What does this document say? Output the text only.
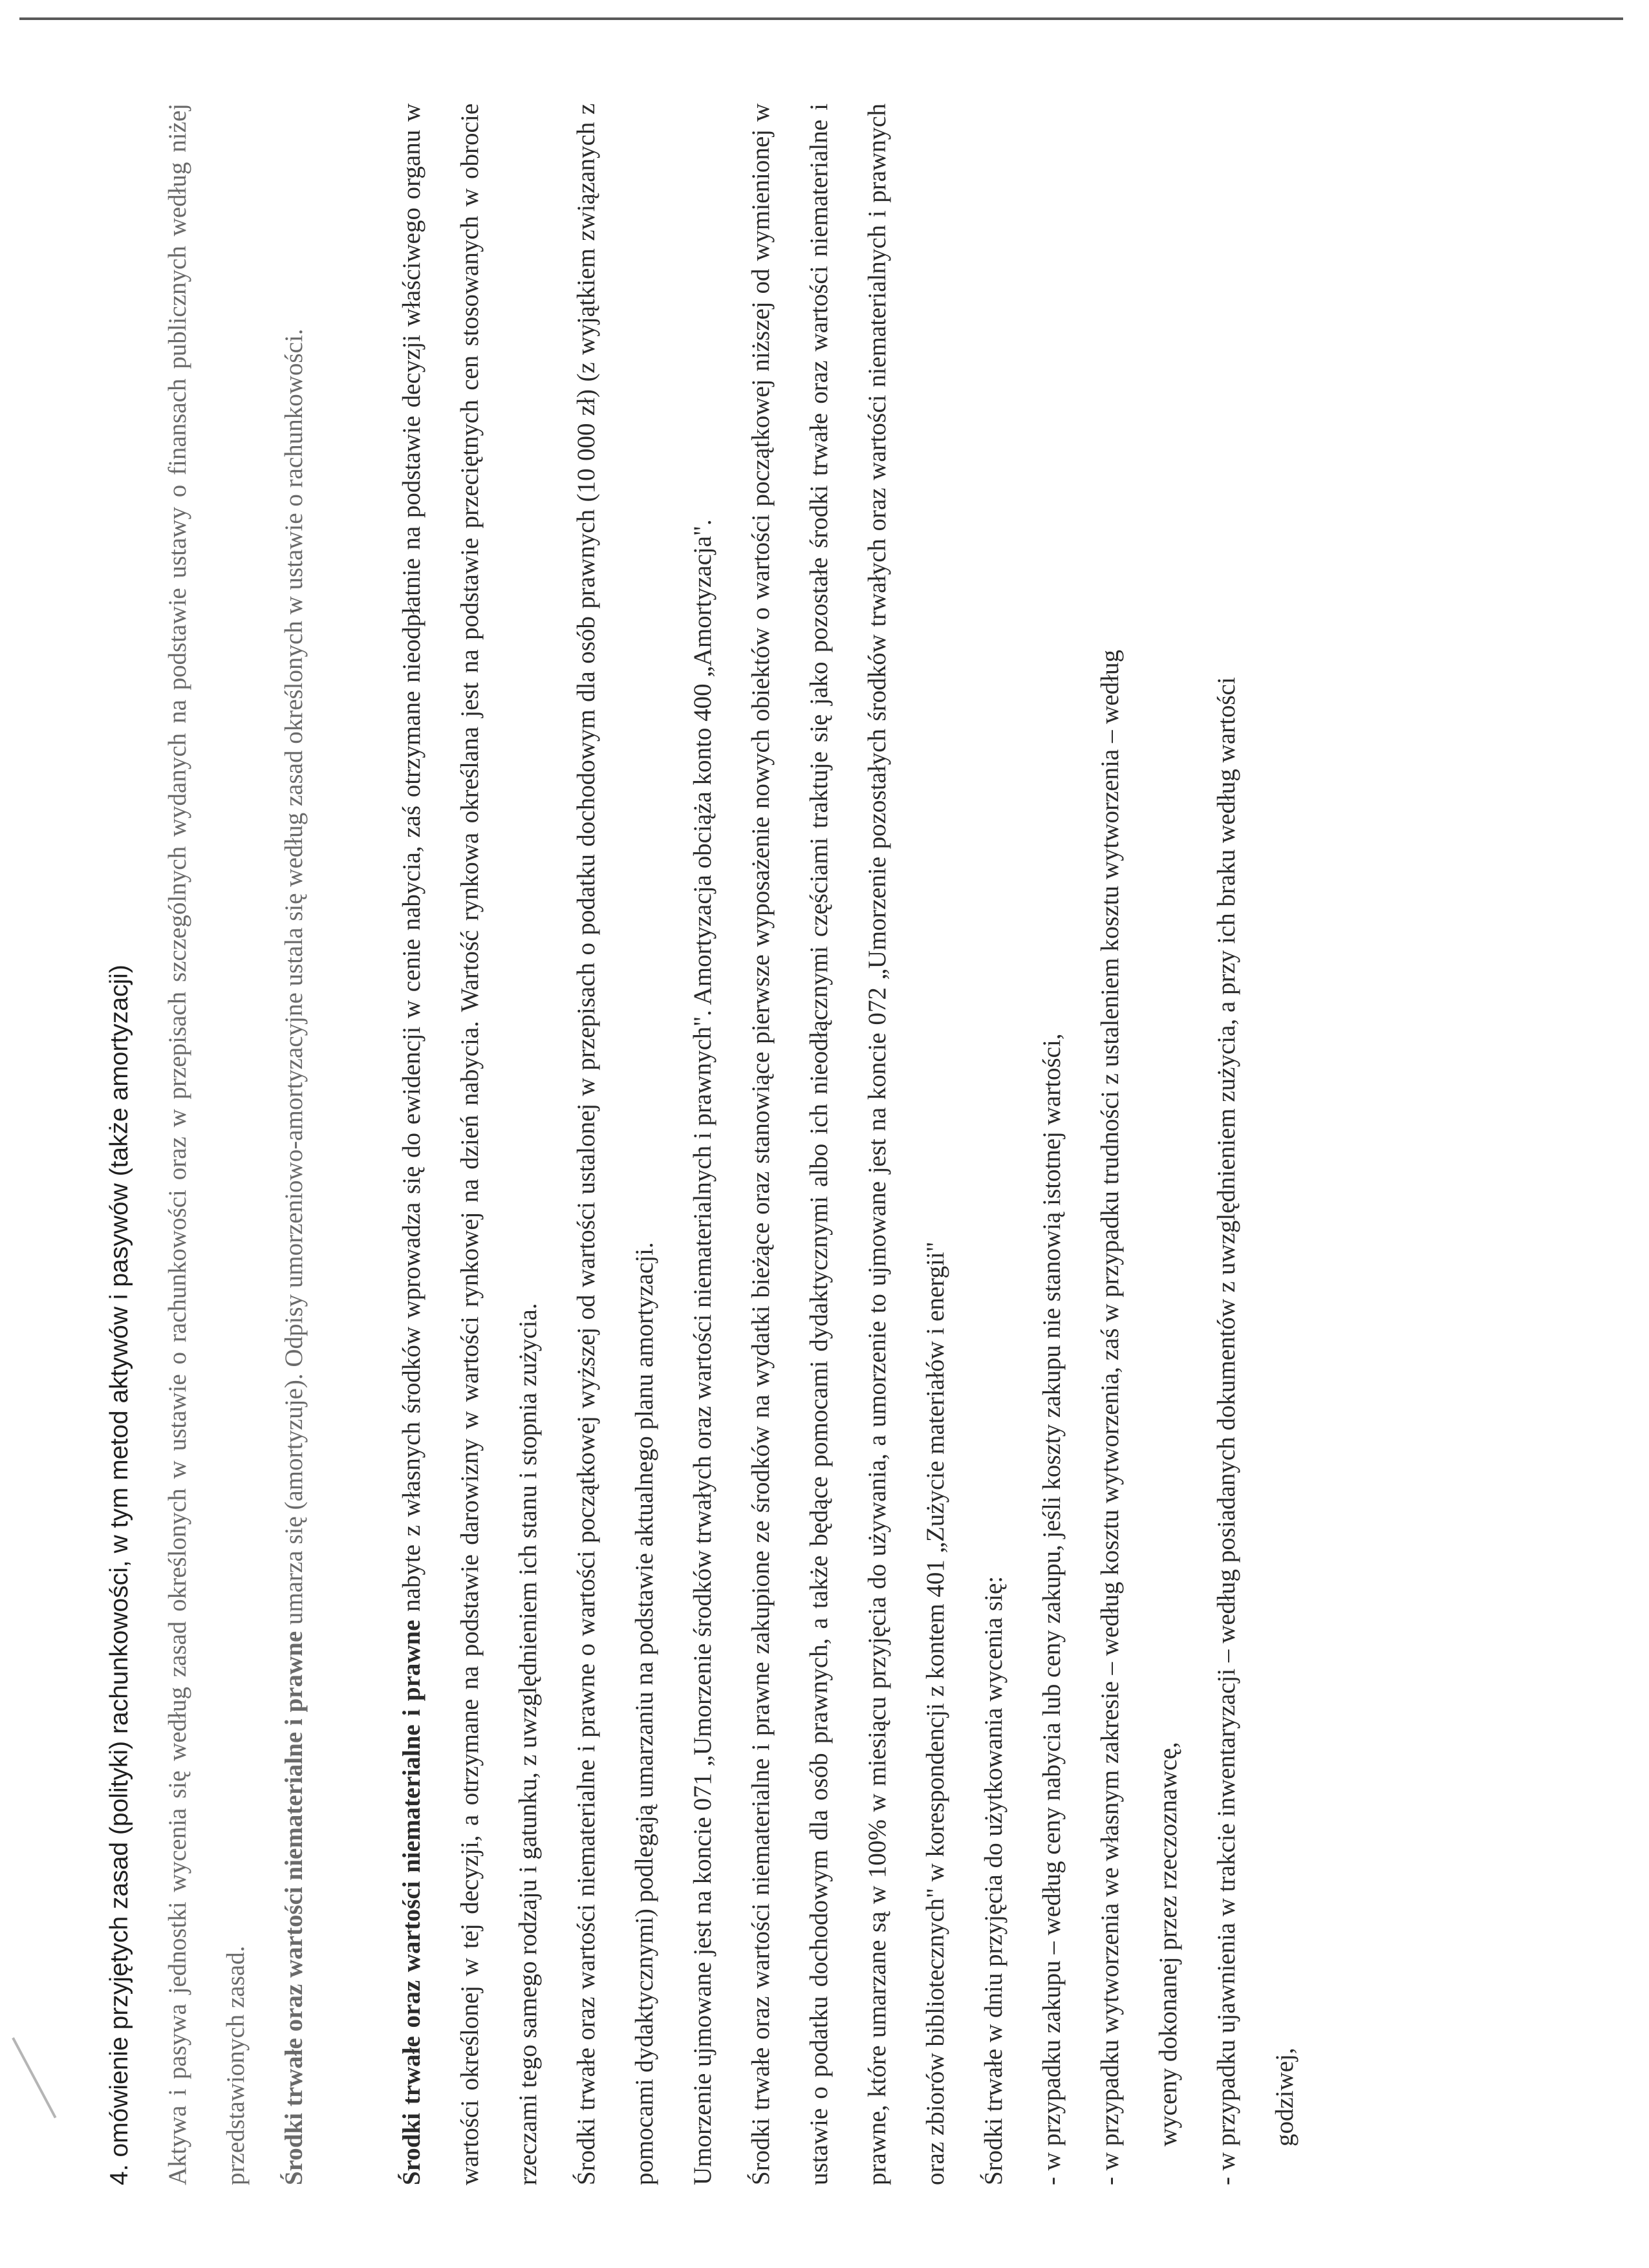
4. omówienie przyjętych zasad (polityki) rachunkowości, w tym metod aktywów i pasywów (także amortyzacji)	Aktywa i pasywa jednostki wycenia się według zasad określonych w ustawie o rachunkowości oraz w przepisach szczególnych wydanych na podstawie ustawy o finansach publicznych według niżej przedstawionych zasad.	Środki trwałe oraz wartości niematerialne i prawne umarza się (amortyzuje). Odpisy umorzeniowo-amortyzacyjne ustala się według zasad określonych w ustawie o rachunkowości.

Środki trwałe oraz wartości niematerialne i prawne nabyte z własnych środków wprowadza się do ewidencji w cenie nabycia, zaś otrzymane nieodpłatnie na podstawie decyzji właściwego organu w wartości określonej w tej decyzji, a otrzymane na podstawie darowizny w wartości rynkowej na dzień nabycia. Wartość rynkowa określana jest na podstawie przeciętnych cen stosowanych w obrocie rzeczami tego samego rodzaju i gatunku, z uwzględnieniem ich stanu i stopnia zużycia.	Środki trwałe oraz wartości niematerialne i prawne o wartości początkowej wyższej od wartości ustalonej w przepisach o podatku dochodowym dla osób prawnych (10 000 zł) (z wyjątkiem związanych z pomocami dydaktycznymi) podlegają umarzaniu na podstawie aktualnego planu amortyzacji.	Umorzenie ujmowane jest na koncie 071 „Umorzenie środków trwałych oraz wartości niematerialnych i prawnych". Amortyzacja obciąża konto 400 „Amortyzacja".	Środki trwałe oraz wartości niematerialne i prawne zakupione ze środków na wydatki bieżące oraz stanowiące pierwsze wyposażenie nowych obiektów o wartości początkowej niższej od wymienionej w ustawie o podatku dochodowym dla osób prawnych, a także będące pomocami dydaktycznymi albo ich nieodłącznymi częściami traktuje się jako pozostałe środki trwałe oraz wartości niematerialne i prawne, które umarzane są w 100% w miesiącu przyjęcia do używania, a umorzenie to ujmowane jest na koncie 072 „Umorzenie pozostałych środków trwałych oraz wartości niematerialnych i prawnych oraz zbiorów bibliotecznych" w korespondencji z kontem 401 „Zużycie materiałów i energii"	Środki trwałe w dniu przyjęcia do użytkowania wycenia się:	- w przypadku zakupu – według ceny nabycia lub ceny zakupu, jeśli koszty zakupu nie stanowią istotnej wartości,	- w przypadku wytworzenia we własnym zakresie – według kosztu wytworzenia, zaś w przypadku trudności z ustaleniem kosztu wytworzenia – według	wyceny dokonanej przez rzeczoznawcę,	- w przypadku ujawnienia w trakcie inwentaryzacji – według posiadanych dokumentów z uwzględnieniem zużycia, a przy ich braku według wartości	godziwej,
